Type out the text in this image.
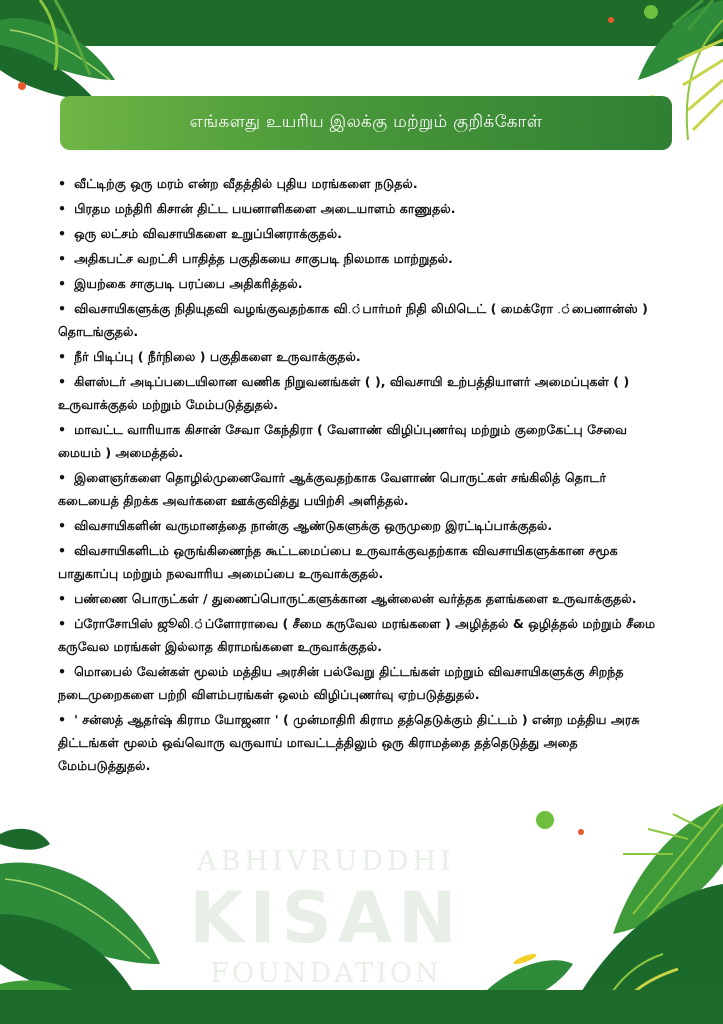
எங்களது உயரிய இலக்கு மற்றும் குறிக்கோள்
• வீட்டிற்கு ஒரு மரம் என்ற வீதத்தில் புதிய மரங்களை நடுதல்.
• பிரதம மந்திரி கிசான் திட்ட பயனாளிகளை அடையாளம் காணுதல்.
• ஒரு லட்சம் விவசாயிகளை உறுப்பினராக்குதல்.
• அதிகபட்ச வறட்சி பாதித்த பகுதிகயை சாகுபடி நிலமாக மாற்றுதல்.
• இயற்கை சாகுபடி பரப்பை அதிகரித்தல்.
• விவசாயிகளுக்கு நிதியுதவி வழங்குவதற்காக வி.்பார்மர் நிதி லிமிடெட் ( மைக்ரோ .்பைனான்ஸ் ) தொடங்குதல்.
• நீர் பிடிப்பு ( நீர்நிலை ) பகுதிகளை உருவாக்குதல்.
• கிளஸ்டர் அடிப்படையிலான வணிக நிறுவனங்கள் ( ), விவசாயி உற்பத்தியாளர் அமைப்புகள் ( ) உருவாக்குதல் மற்றும் மேம்படுத்துதல்.
• மாவட்ட வாரியாக கிசான் சேவா கேந்திரா ( வேளாண் விழிப்புணர்வு மற்றும் குறைகேட்பு சேவை மையம் ) அமைத்தல்.
• இளைஞர்களை தொழில்முனைவோர் ஆக்குவதற்காக வேளாண் பொருட்கள் சங்கிலித் தொடர் கடையைத் திறக்க அவர்களை ஊக்குவித்து பயிற்சி அளித்தல்.
• விவசாயிகளின் வருமானத்தை நான்கு ஆண்டுகளுக்கு ஒருமுறை இரட்டிப்பாக்குதல்.
• விவசாயிகளிடம் ஒருங்கிணைந்த கூட்டமைப்பை உருவாக்குவதற்காக விவசாயிகளுக்கான சமூக பாதுகாப்பு மற்றும் நலவாரிய அமைப்பை உருவாக்குதல்.
• பண்ணை பொருட்கள் / துணைப்பொருட்களுக்கான ஆன்லைன் வர்த்தக தளங்களை உருவாக்குதல்.
• ப்ரோசோபிஸ் ஜூலி.்ப்ளோராவை ( சீமை கருவேல மரங்களை ) அழித்தல் & ஒழித்தல் மற்றும் சீமை கருவேல மரங்கள் இல்லாத கிராமங்களை உருவாக்குதல்.
• மொபைல் வேன்கள் மூலம் மத்திய அரசின் பல்வேறு திட்டங்கள் மற்றும் விவசாயிகளுக்கு சிறந்த நடைமுறைகளை பற்றி விளம்பரங்கள் ஒலம் விழிப்புணர்வு ஏற்படுத்துதல்.
• ' சன்ஸத் ஆதர்ஷ் கிராம யோஜனா ' ( முன்மாதிரி கிராம தத்தெடுக்கும் திட்டம் ) என்ற மத்திய அரசு திட்டங்கள் மூலம் ஒவ்வொரு வருவாய் மாவட்டத்திலும் ஒரு கிராமத்தை தத்தெடுத்து அதை மேம்படுத்துதல்.
ABHIVRUDDHI
KISAN
FOUNDATION
